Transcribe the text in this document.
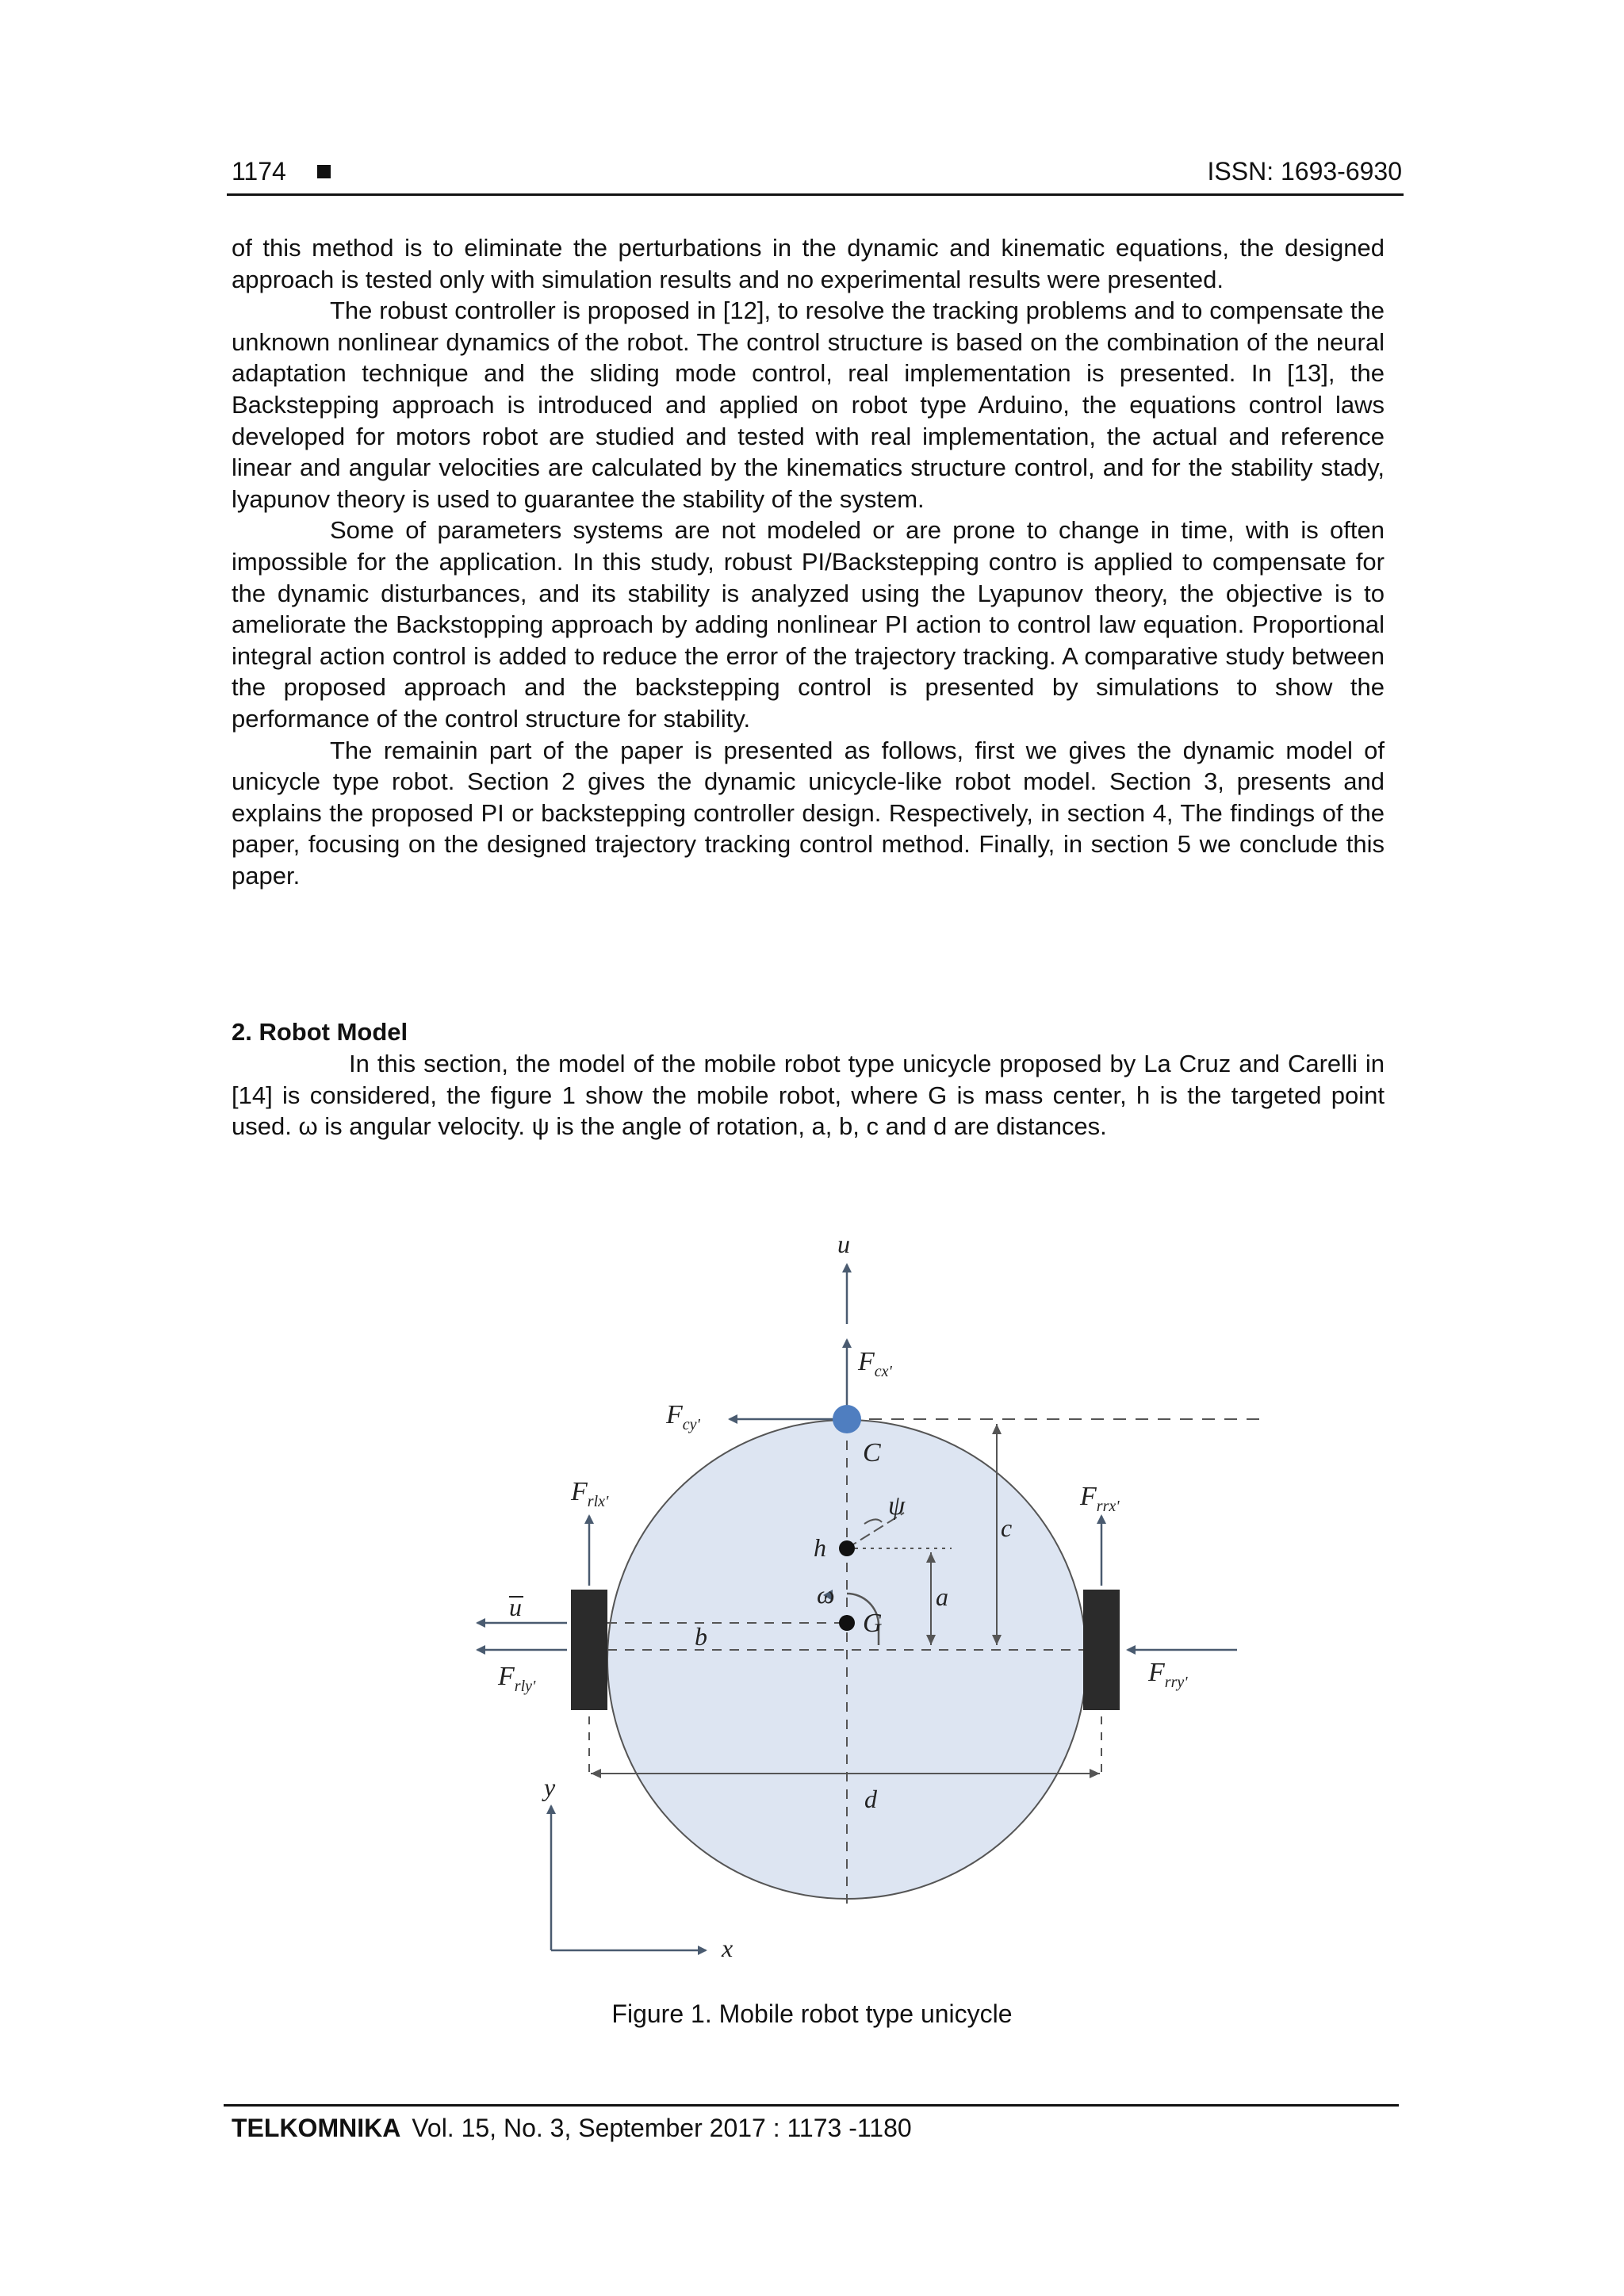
1174	ISSN: 1693-6930

of this method is to eliminate the perturbations in the dynamic and kinematic equations, the designed approach is tested only with simulation results and no experimental results were presented.

The robust controller is proposed in [12], to resolve the tracking problems and to compensate the unknown nonlinear dynamics of the robot. The control structure is based on the combination of the neural adaptation technique and the sliding mode control, real implementation is presented. In [13], the Backstepping approach is introduced and applied on robot type Arduino, the equations control laws developed for motors robot are studied and tested with real implementation, the actual and reference linear and angular velocities are calculated by the kinematics structure control, and for the stability stady, lyapunov theory is used to guarantee the stability of the system.

Some of parameters systems are not modeled or are prone to change in time, with is often impossible for the application. In this study, robust PI/Backstepping contro is applied to compensate for the dynamic disturbances, and its stability is analyzed using the Lyapunov theory, the objective is to ameliorate the Backstopping approach by adding nonlinear PI action to control law equation. Proportional integral action control is added to reduce the error of the trajectory tracking. A comparative study between the proposed approach and the backstepping control is presented by simulations to show the performance of the control structure for stability.

The remainin part of the paper is presented as follows, first we gives the dynamic model of unicycle type robot. Section 2 gives the dynamic unicycle-like robot model. Section 3, presents and explains the proposed PI or backstepping controller design. Respectively, in section 4, The findings of the paper, focusing on the designed trajectory tracking control method. Finally, in section 5 we conclude this paper.

2. Robot Model

In this section, the model of the mobile robot type unicycle proposed by La Cruz and Carelli in [14] is considered, the figure 1 show the mobile robot, where G is mass center, h is the targeted point used. ω is angular velocity. ψ is the angle of rotation, a, b, c and d are distances.

u
$F_{cx'}$
$F_{cy'}$
C
$F_{rlx'}$	$F_{rrx'}$
ψ
h
c
ω	a
G
u
b
$F_{rly'}$	$F_{rry'}$
y	d
x
Figure 1. Mobile robot type unicycle
TELKOMNIKA Vol. 15, No. 3, September 2017 : 1173 -1180
